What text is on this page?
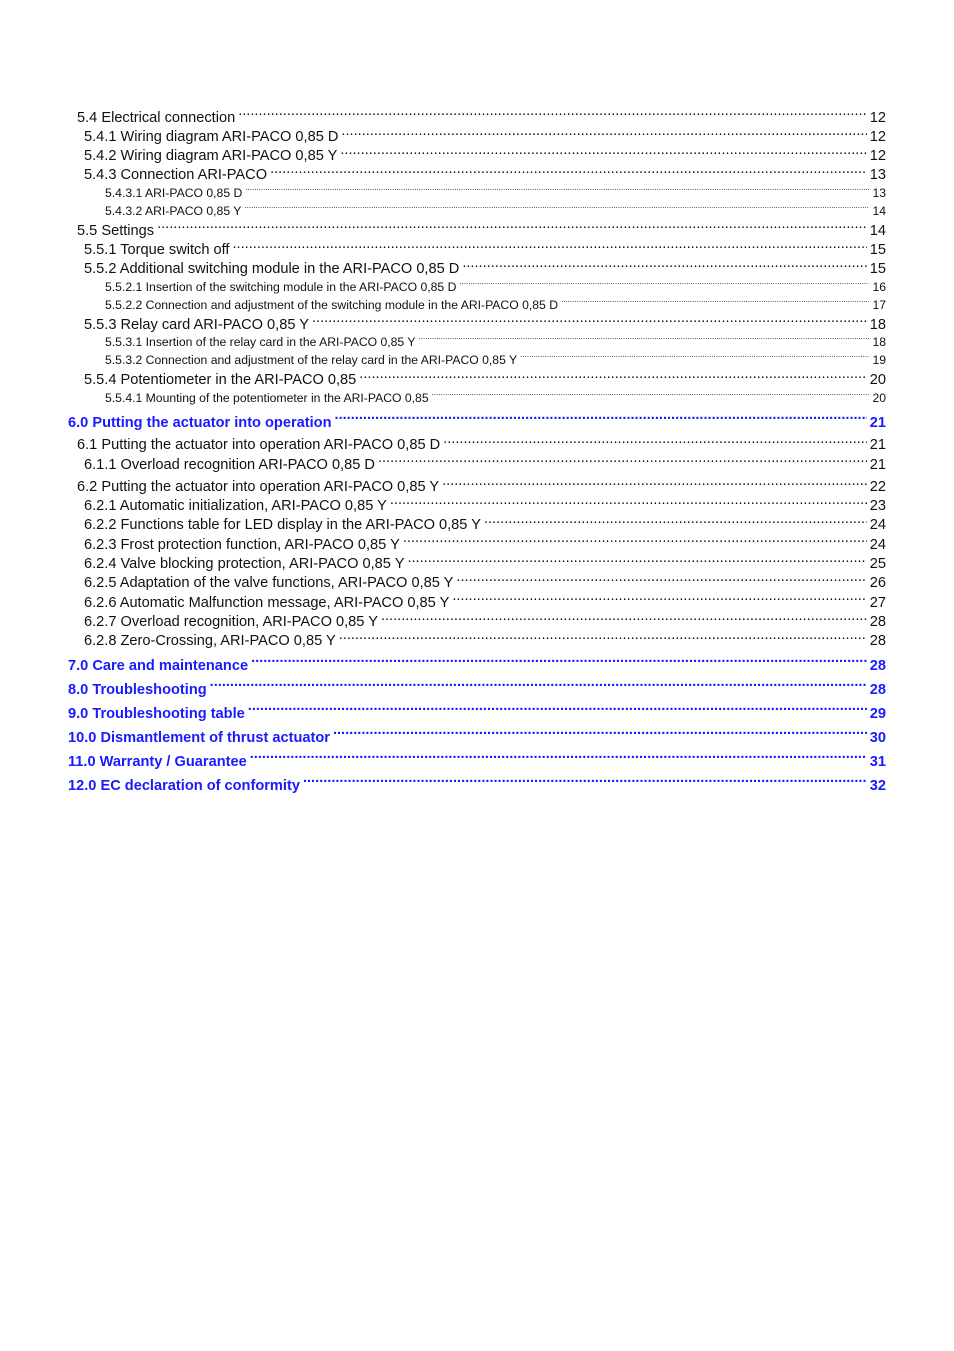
5.4 Electrical connection .....	12
5.4.1 Wiring diagram ARI-PACO 0,85 D .....	12
5.4.2 Wiring diagram ARI-PACO 0,85 Y .....	12
5.4.3 Connection ARI-PACO .....	13
5.4.3.1 ARI-PACO 0,85 D .....	13
5.4.3.2 ARI-PACO 0,85 Y .....	14
5.5 Settings .....	14
5.5.1 Torque switch off .....	15
5.5.2 Additional switching module in the ARI-PACO 0,85 D .....	15
5.5.2.1 Insertion of the switching module in the ARI-PACO 0,85 D .....	16
5.5.2.2 Connection and adjustment of the switching module in the ARI-PACO 0,85 D .....	17
5.5.3 Relay card ARI-PACO 0,85 Y .....	18
5.5.3.1 Insertion of the relay card in the ARI-PACO 0,85 Y .....	18
5.5.3.2 Connection and adjustment of the relay card in the ARI-PACO 0,85 Y .....	19
5.5.4 Potentiometer in the ARI-PACO 0,85 .....	20
5.5.4.1 Mounting of the potentiometer in the ARI-PACO 0,85 .....	20
6.0 Putting the actuator into operation .....	21
6.1 Putting the actuator into operation ARI-PACO 0,85 D .....	21
6.1.1 Overload recognition ARI-PACO 0,85 D .....	21
6.2 Putting the actuator into operation ARI-PACO 0,85 Y .....	22
6.2.1 Automatic initialization, ARI-PACO 0,85 Y .....	23
6.2.2 Functions table for LED display in the ARI-PACO 0,85 Y .....	24
6.2.3 Frost protection function, ARI-PACO 0,85 Y .....	24
6.2.4 Valve blocking protection, ARI-PACO 0,85 Y .....	25
6.2.5 Adaptation of the valve functions, ARI-PACO 0,85 Y .....	26
6.2.6 Automatic Malfunction message, ARI-PACO 0,85 Y .....	27
6.2.7 Overload recognition, ARI-PACO 0,85 Y .....	28
6.2.8 Zero-Crossing, ARI-PACO 0,85 Y .....	28
7.0 Care and maintenance .....	28
8.0 Troubleshooting .....	28
9.0 Troubleshooting table .....	29
10.0 Dismantlement of thrust actuator .....	30
11.0 Warranty / Guarantee .....	31
12.0 EC declaration of conformity .....	32
